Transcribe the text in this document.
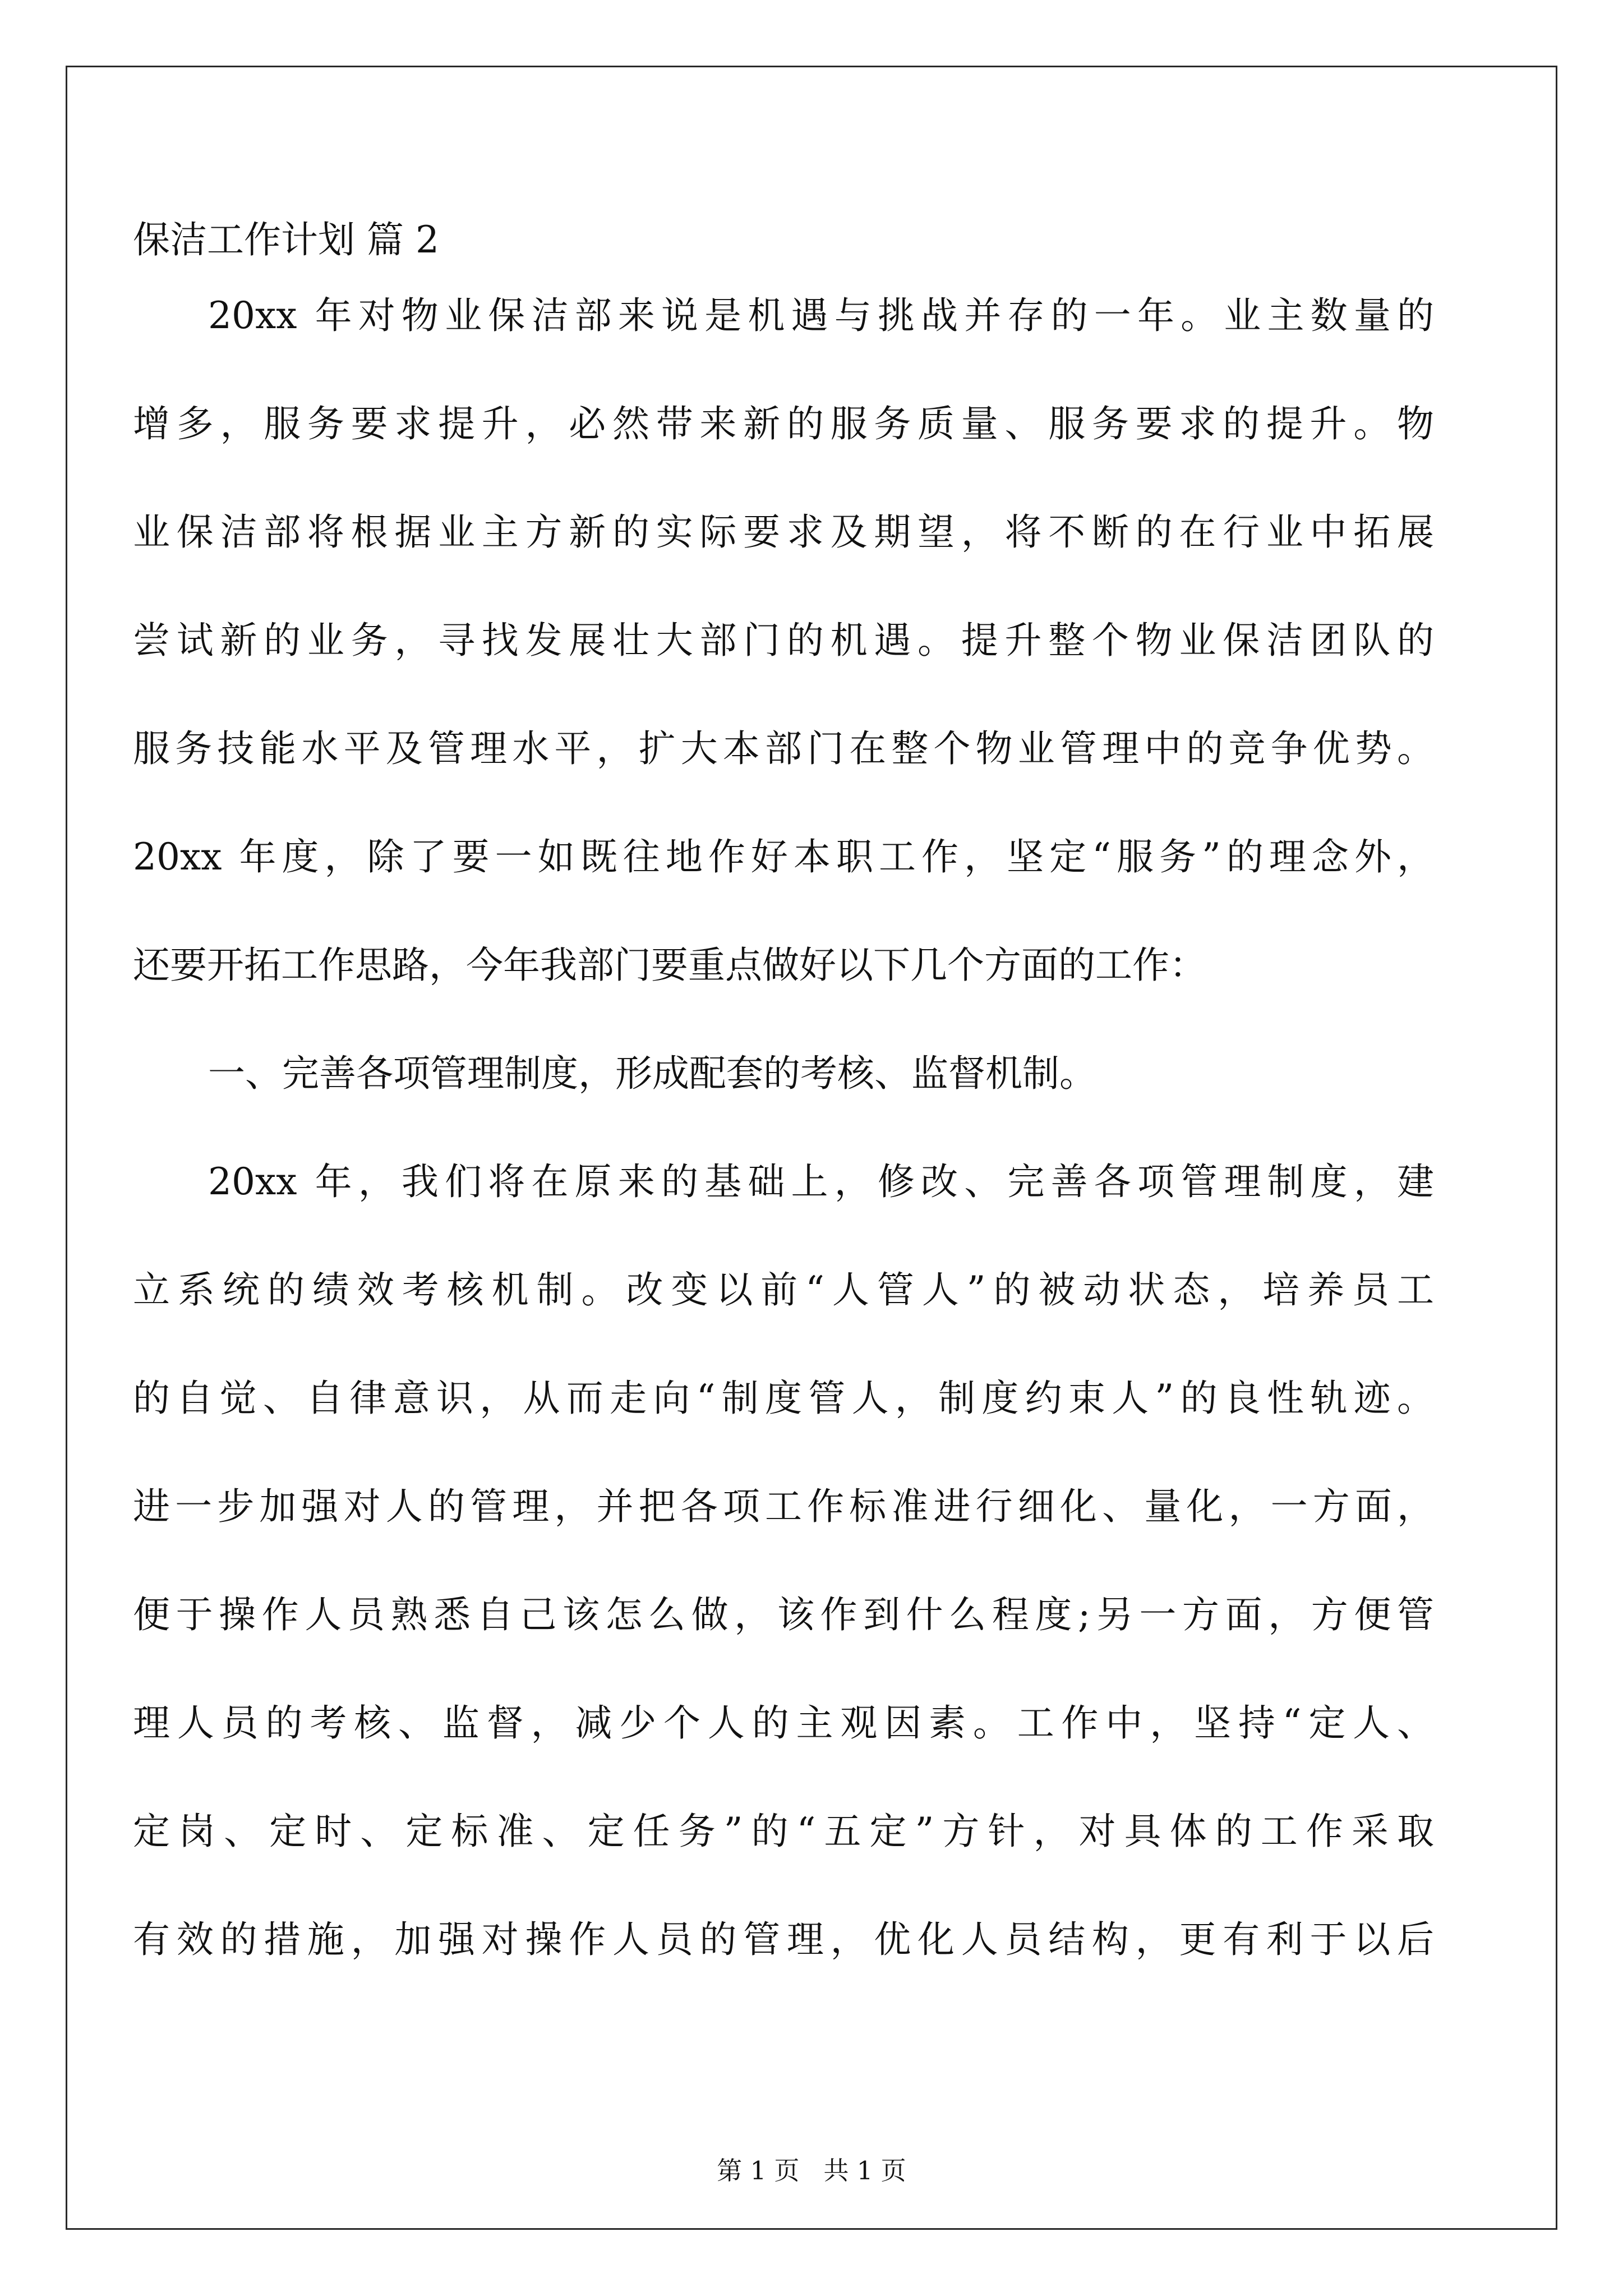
保洁工作计划 篇 2
20xx 年对物业保洁部来说是机遇与挑战并存的一年。业主数量的
增多，服务要求提升，必然带来新的服务质量、服务要求的提升。物
业保洁部将根据业主方新的实际要求及期望，将不断的在行业中拓展
尝试新的业务，寻找发展壮大部门的机遇。提升整个物业保洁团队的
服务技能水平及管理水平，扩大本部门在整个物业管理中的竞争优势。
20xx 年度，除了要一如既往地作好本职工作，坚定“服务”的理念外，
还要开拓工作思路，今年我部门要重点做好以下几个方面的工作：
一、完善各项管理制度，形成配套的考核、监督机制。
20xx 年，我们将在原来的基础上，修改、完善各项管理制度，建
立系统的绩效考核机制。改变以前“人管人”的被动状态，培养员工
的自觉、自律意识，从而走向“制度管人，制度约束人”的良性轨迹。
进一步加强对人的管理，并把各项工作标准进行细化、量化，一方面，
便于操作人员熟悉自己该怎么做，该作到什么程度;另一方面，方便管
理人员的考核、监督，减少个人的主观因素。工作中，坚持“定人、
定岗、定时、定标准、定任务”的“五定”方针，对具体的工作采取
有效的措施，加强对操作人员的管理，优化人员结构，更有利于以后
第 1 页   共 1 页
